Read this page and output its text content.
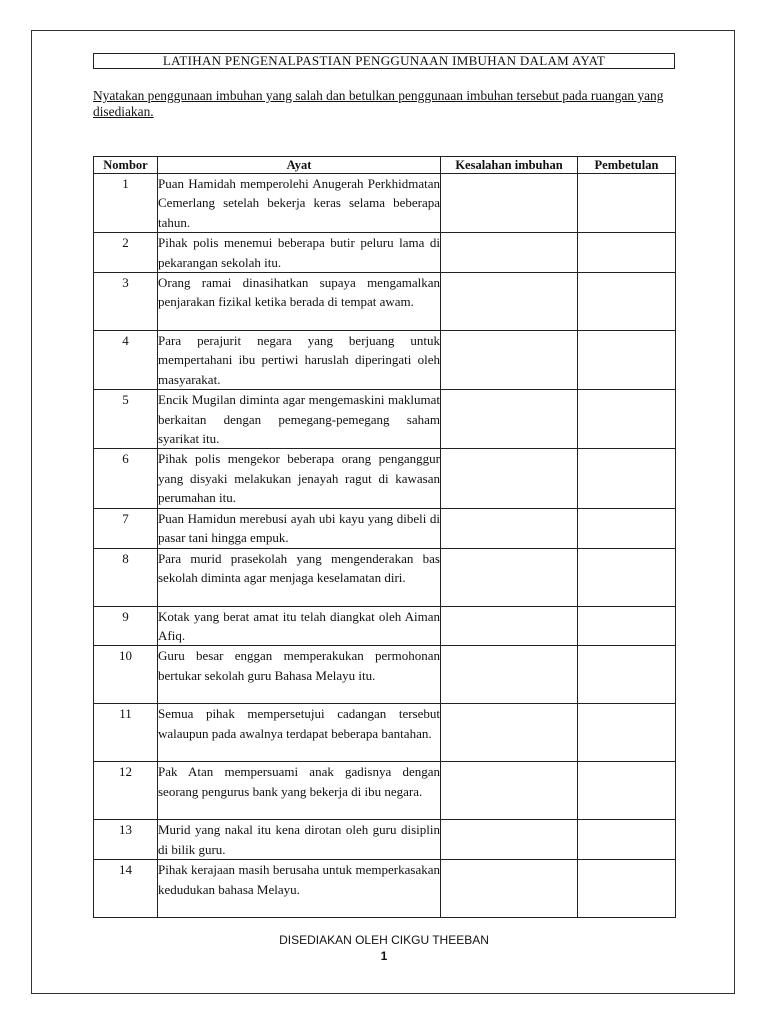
LATIHAN PENGENALPASTIAN PENGGUNAAN IMBUHAN DALAM AYAT
Nyatakan penggunaan imbuhan yang salah dan betulkan penggunaan imbuhan tersebut pada ruangan yang disediakan.
Nombor	Ayat	Kesalahan imbuhan	Pembetulan
1	Puan Hamidah memperolehi Anugerah Perkhidmatan Cemerlang setelah bekerja keras selama beberapa tahun.		
2	Pihak polis menemui beberapa butir peluru lama di pekarangan sekolah itu.		
3	Orang ramai dinasihatkan supaya mengamalkan penjarakan fizikal ketika berada di tempat awam.		
4	Para perajurit negara yang berjuang untuk mempertahani ibu pertiwi haruslah diperingati oleh masyarakat.		
5	Encik Mugilan diminta agar mengemaskini maklumat berkaitan dengan pemegang-pemegang saham syarikat itu.		
6	Pihak polis mengekor beberapa orang penganggur yang disyaki melakukan jenayah ragut di kawasan perumahan itu.		
7	Puan Hamidun merebusi ayah ubi kayu yang dibeli di pasar tani hingga empuk.		
8	Para murid prasekolah yang mengenderakan bas sekolah diminta agar menjaga keselamatan diri.		
9	Kotak yang berat amat itu telah diangkat oleh Aiman Afiq.		
10	Guru besar enggan memperakukan permohonan bertukar sekolah guru Bahasa Melayu itu.		
11	Semua pihak mempersetujui cadangan tersebut walaupun pada awalnya terdapat beberapa bantahan.		
12	Pak Atan mempersuami anak gadisnya dengan seorang pengurus bank yang bekerja di ibu negara.		
13	Murid yang nakal itu kena dirotan oleh guru disiplin di bilik guru.		
14	Pihak kerajaan masih berusaha untuk memperkasakan kedudukan bahasa Melayu.		
DISEDIAKAN OLEH CIKGU THEEBAN
1
